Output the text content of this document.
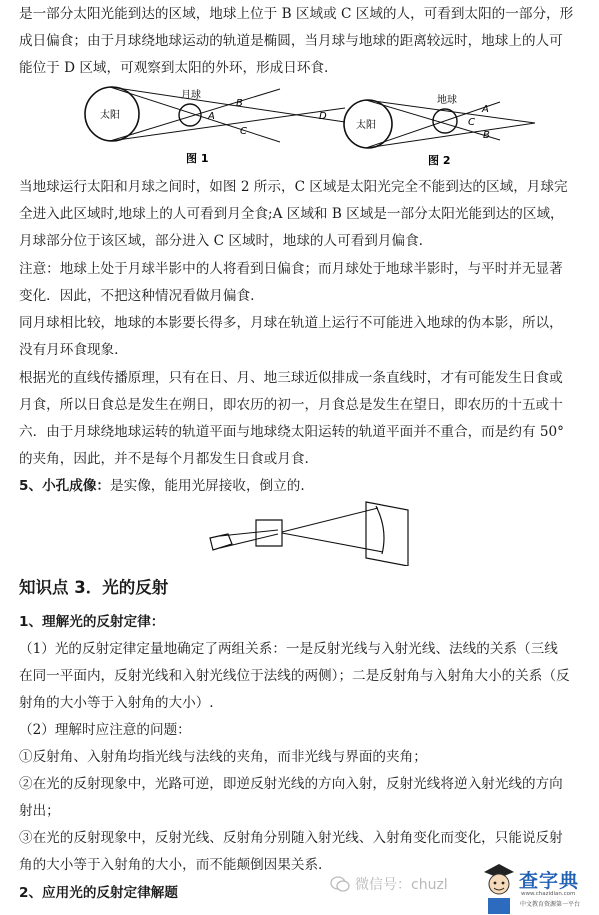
是一部分太阳光能到达的区域，地球上位于 B 区域或 C 区域的人，可看到太阳的一部分，形
成日偏食；由于月球绕地球运动的轨道是椭圆，当月球与地球的距离较远时，地球上的人可
能位于 D 区域，可观察到太阳的外环，形成日环食.
太阳
月球
A
B
C
D
图 1
太阳
地球
A
B
C
图 2
当地球运行太阳和月球之间时，如图 2 所示，C 区域是太阳光完全不能到达的区域，月球完
全进入此区域时,地球上的人可看到月全食;A 区域和 B 区域是一部分太阳光能到达的区域，
月球部分位于该区域，部分进入 C 区域时，地球的人可看到月偏食.
注意：地球上处于月球半影中的人将看到日偏食；而月球处于地球半影时，与平时并无显著
变化．因此，不把这种情况看做月偏食.
同月球相比较，地球的本影要长得多，月球在轨道上运行不可能进入地球的伪本影，所以，
没有月环食现象.
根据光的直线传播原理，只有在日、月、地三球近似排成一条直线时，才有可能发生日食或
月食，所以日食总是发生在朔日，即农历的初一，月食总是发生在望日，即农历的十五或十
六．由于月球绕地球运转的轨道平面与地球绕太阳运转的轨道平面并不重合，而是约有 50°
的夹角，因此，并不是每个月都发生日食或月食.
5、小孔成像：是实像，能用光屏接收，倒立的.
知识点 3．光的反射
1、理解光的反射定律：
（1）光的反射定律定量地确定了两组关系：一是反射光线与入射光线、法线的关系（三线
在同一平面内，反射光线和入射光线位于法线的两侧）；二是反射角与入射角大小的关系（反
射角的大小等于入射角的大小）.
（2）理解时应注意的问题：
①反射角、入射角均指光线与法线的夹角，而非光线与界面的夹角；
②在光的反射现象中，光路可逆，即逆反射光线的方向入射，反射光线将逆入射光线的方向
射出；
③在光的反射现象中，反射光线、反射角分别随入射光线、入射角变化而变化，只能说反射
角的大小等于入射角的大小，而不能颠倒因果关系.
2、应用光的反射定律解题	微信号：chuzl	查字典
www.chazidian.com
中文教育资源第一平台
